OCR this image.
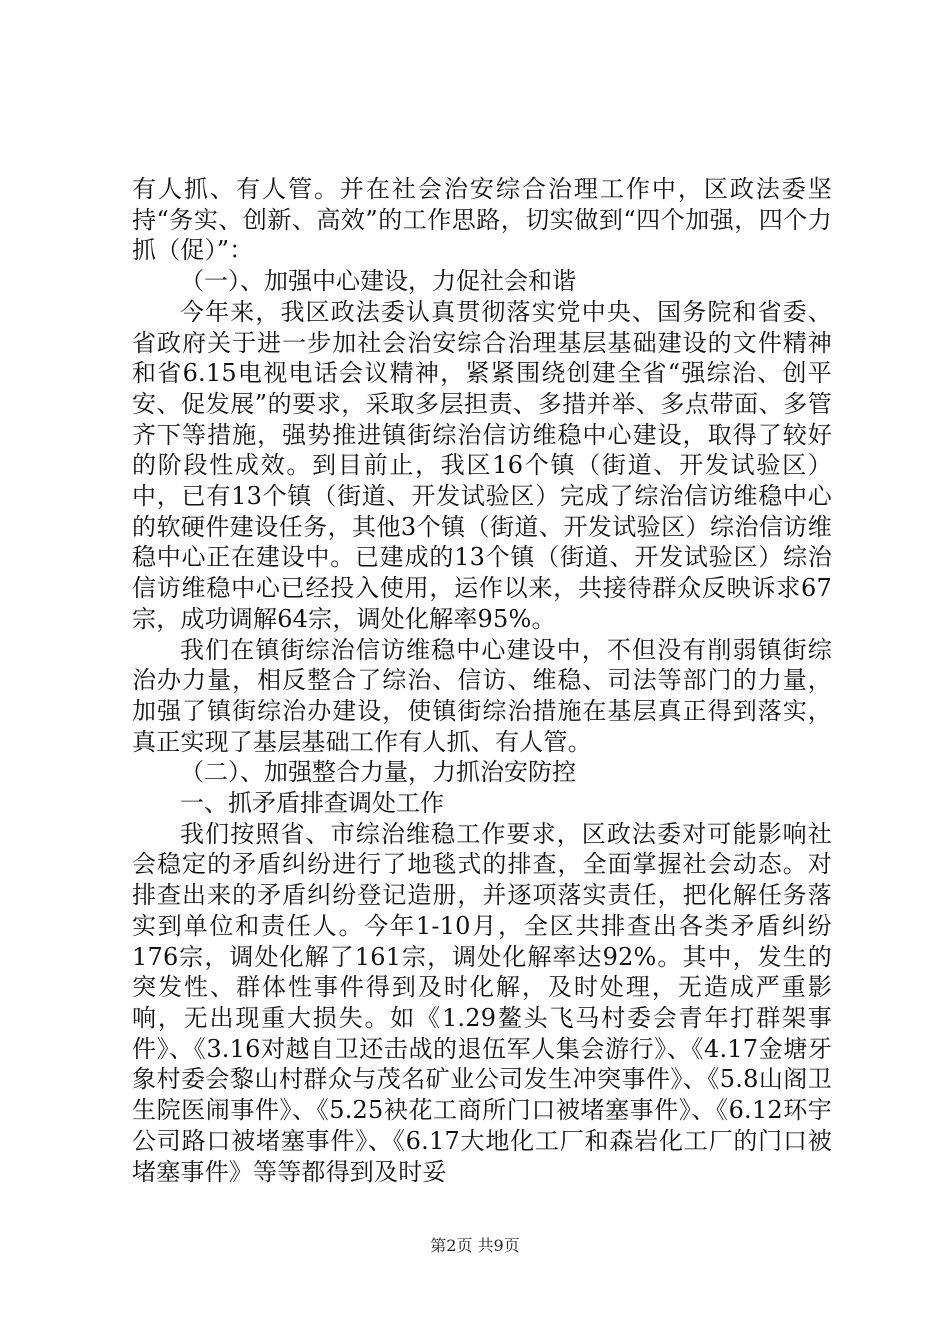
有人抓、有人管。并在社会治安综合治理工作中，区政法委坚持“务实、创新、高效”的工作思路，切实做到“四个加强，四个力抓（促）”：

（一）、加强中心建设，力促社会和谐

今年来，我区政法委认真贯彻落实党中央、国务院和省委、省政府关于进一步加社会治安综合治理基层基础建设的文件精神和省6.15电视电话会议精神，紧紧围绕创建全省“强综治、创平安、促发展”的要求，采取多层担责、多措并举、多点带面、多管齐下等措施，强势推进镇街综治信访维稳中心建设，取得了较好的阶段性成效。到目前止，我区16个镇（街道、开发试验区）中，已有13个镇（街道、开发试验区）完成了综治信访维稳中心的软硬件建设任务，其他3个镇（街道、开发试验区）综治信访维稳中心正在建设中。已建成的13个镇（街道、开发试验区）综治信访维稳中心已经投入使用，运作以来，共接待群众反映诉求67宗，成功调解64宗，调处化解率95%。

我们在镇街综治信访维稳中心建设中，不但没有削弱镇街综治办力量，相反整合了综治、信访、维稳、司法等部门的力量，加强了镇街综治办建设，使镇街综治措施在基层真正得到落实，真正实现了基层基础工作有人抓、有人管。

（二）、加强整合力量，力抓治安防控

一、抓矛盾排查调处工作

我们按照省、市综治维稳工作要求，区政法委对可能影响社会稳定的矛盾纠纷进行了地毯式的排查，全面掌握社会动态。对排查出来的矛盾纠纷登记造册，并逐项落实责任，把化解任务落实到单位和责任人。今年1-10月，全区共排查出各类矛盾纠纷176宗，调处化解了161宗，调处化解率达92%。其中，发生的突发性、群体性事件得到及时化解，及时处理，无造成严重影响，无出现重大损失。如《1.29鳌头飞马村委会青年打群架事件》、《3.16对越自卫还击战的退伍军人集会游行》、《4.17金塘牙象村委会黎山村群众与茂名矿业公司发生冲突事件》、《5.8山阁卫生院医闹事件》、《5.25袂花工商所门口被堵塞事件》、《6.12环宇公司路口被堵塞事件》、《6.17大地化工厂和森岩化工厂的门口被堵塞事件》等等都得到及时妥

第2页 共9页
